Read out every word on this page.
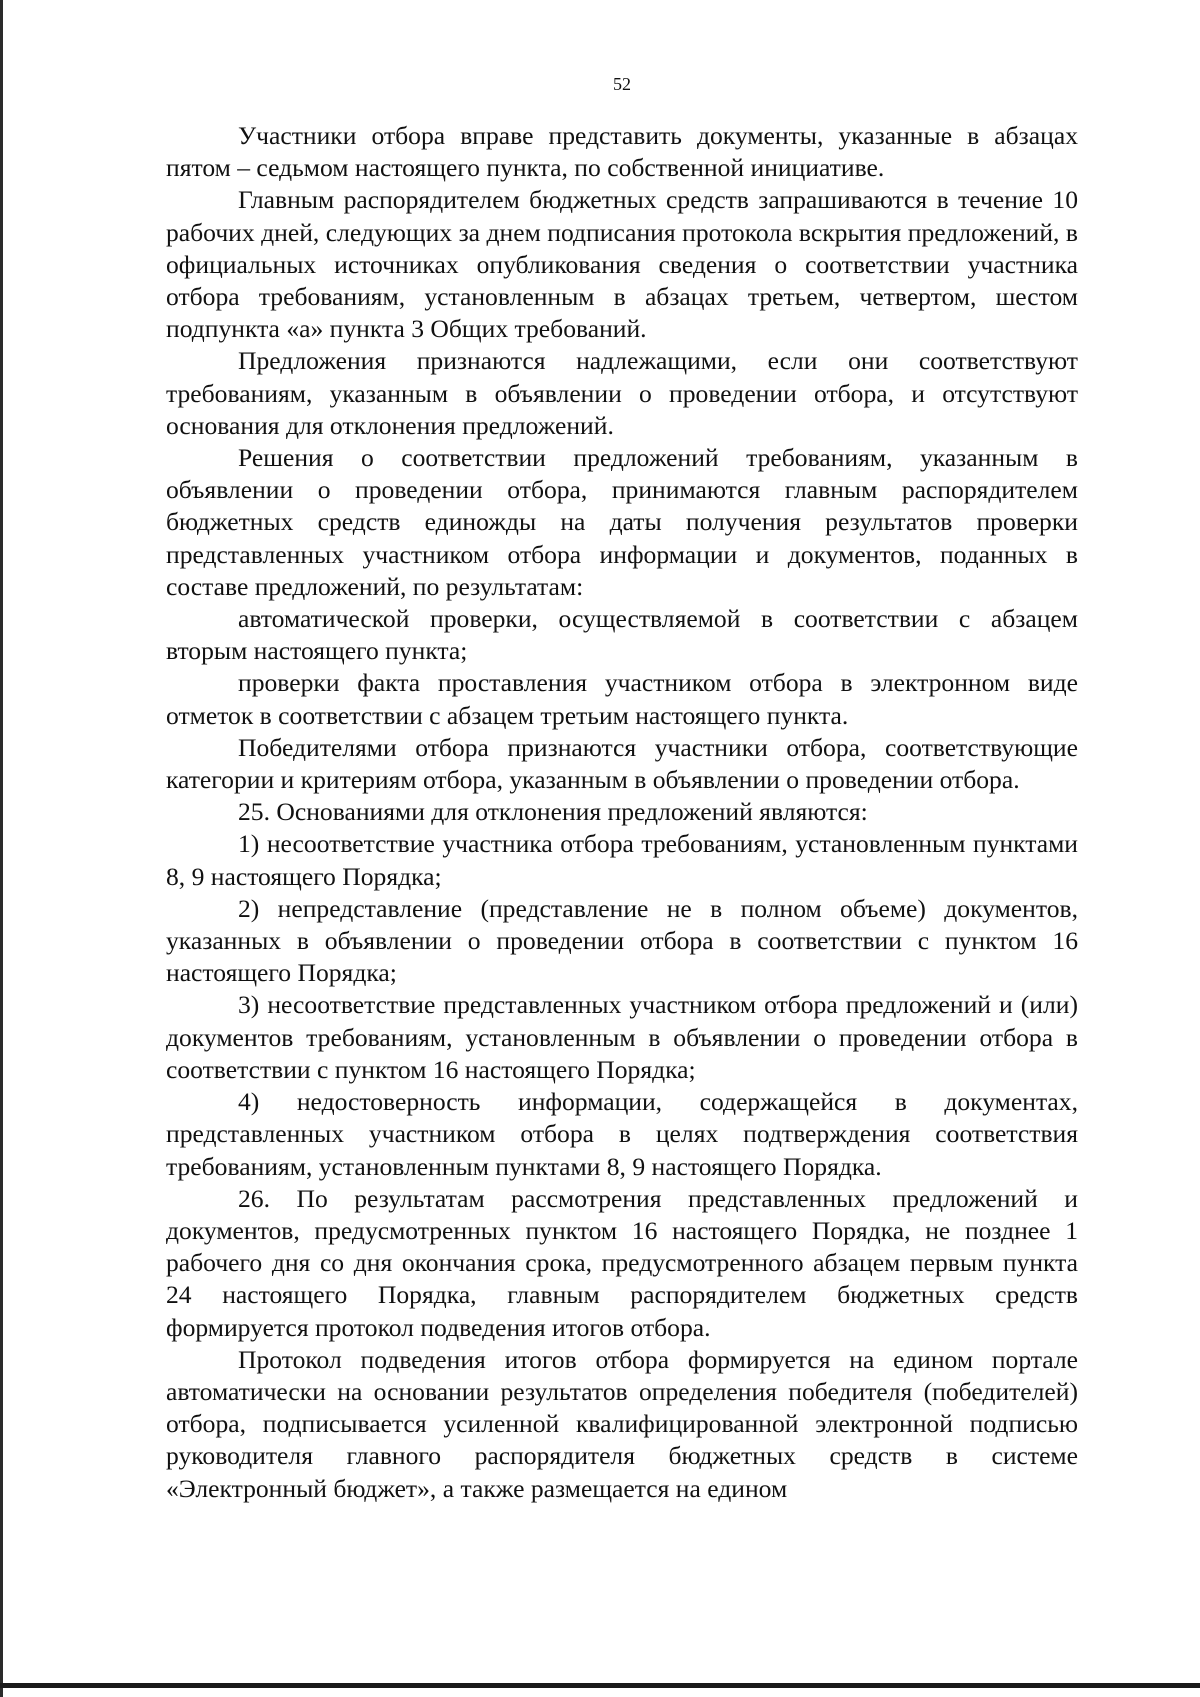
52

Участники отбора вправе представить документы, указанные в абзацах пятом – седьмом настоящего пункта, по собственной инициативе.

Главным распорядителем бюджетных средств запрашиваются в течение 10 рабочих дней, следующих за днем подписания протокола вскрытия предложений, в официальных источниках опубликования сведения о соответствии участника отбора требованиям, установленным в абзацах третьем, четвертом, шестом подпункта «а» пункта 3 Общих требований.

Предложения признаются надлежащими, если они соответствуют требованиям, указанным в объявлении о проведении отбора, и отсутствуют основания для отклонения предложений.

Решения о соответствии предложений требованиям, указанным в объявлении о проведении отбора, принимаются главным распорядителем бюджетных средств единожды на даты получения результатов проверки представленных участником отбора информации и документов, поданных в составе предложений, по результатам:

автоматической проверки, осуществляемой в соответствии с абзацем вторым настоящего пункта;

проверки факта проставления участником отбора в электронном виде отметок в соответствии с абзацем третьим настоящего пункта.

Победителями отбора признаются участники отбора, соответствующие категории и критериям отбора, указанным в объявлении о проведении отбора.

25. Основаниями для отклонения предложений являются:

1) несоответствие участника отбора требованиям, установленным пунктами 8, 9 настоящего Порядка;

2) непредставление (представление не в полном объеме) документов, указанных в объявлении о проведении отбора в соответствии с пунктом 16 настоящего Порядка;

3) несоответствие представленных участником отбора предложений и (или) документов требованиям, установленным в объявлении о проведении отбора в соответствии с пунктом 16 настоящего Порядка;

4) недостоверность информации, содержащейся в документах, представленных участником отбора в целях подтверждения соответствия требованиям, установленным пунктами 8, 9 настоящего Порядка.

26. По результатам рассмотрения представленных предложений и документов, предусмотренных пунктом 16 настоящего Порядка, не позднее 1 рабочего дня со дня окончания срока, предусмотренного абзацем первым пункта 24 настоящего Порядка, главным распорядителем бюджетных средств формируется протокол подведения итогов отбора.

Протокол подведения итогов отбора формируется на едином портале автоматически на основании результатов определения победителя (победителей) отбора, подписывается усиленной квалифицированной электронной подписью руководителя главного распорядителя бюджетных средств в системе «Электронный бюджет», а также размещается на едином
